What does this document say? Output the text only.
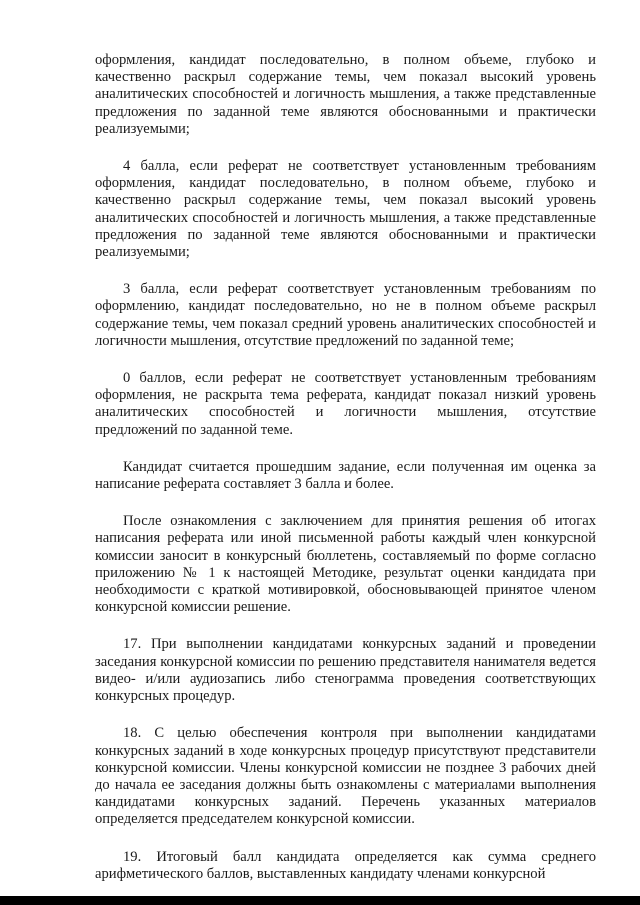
оформления, кандидат последовательно, в полном объеме, глубоко и качественно раскрыл содержание темы, чем показал высокий уровень аналитических способностей и логичность мышления, а также представленные предложения по заданной теме являются обоснованными и практически реализуемыми;

4 балла, если реферат не соответствует установленным требованиям оформления, кандидат последовательно, в полном объеме, глубоко и качественно раскрыл содержание темы, чем показал высокий уровень аналитических способностей и логичность мышления, а также представленные предложения по заданной теме являются обоснованными и практически реализуемыми;

3 балла, если реферат соответствует установленным требованиям по оформлению, кандидат последовательно, но не в полном объеме раскрыл содержание темы, чем показал средний уровень аналитических способностей и логичности мышления, отсутствие предложений по заданной теме;

0 баллов, если реферат не соответствует установленным требованиям оформления, не раскрыта тема реферата, кандидат показал низкий уровень аналитических способностей и логичности мышления, отсутствие предложений по заданной теме.

Кандидат считается прошедшим задание, если полученная им оценка за написание реферата составляет 3 балла и более.

После ознакомления с заключением для принятия решения об итогах написания реферата или иной письменной работы каждый член конкурсной комиссии заносит в конкурсный бюллетень, составляемый по форме согласно приложению № 1 к настоящей Методике, результат оценки кандидата при необходимости с краткой мотивировкой, обосновывающей принятое членом конкурсной комиссии решение.

17. При выполнении кандидатами конкурсных заданий и проведении заседания конкурсной комиссии по решению представителя нанимателя ведется видео- и/или аудиозапись либо стенограмма проведения соответствующих конкурсных процедур.

18. С целью обеспечения контроля при выполнении кандидатами конкурсных заданий в ходе конкурсных процедур присутствуют представители конкурсной комиссии. Члены конкурсной комиссии не позднее 3 рабочих дней до начала ее заседания должны быть ознакомлены с материалами выполнения кандидатами конкурсных заданий. Перечень указанных материалов определяется председателем конкурсной комиссии.

19. Итоговый балл кандидата определяется как сумма среднего арифметического баллов, выставленных кандидату членами конкурсной
